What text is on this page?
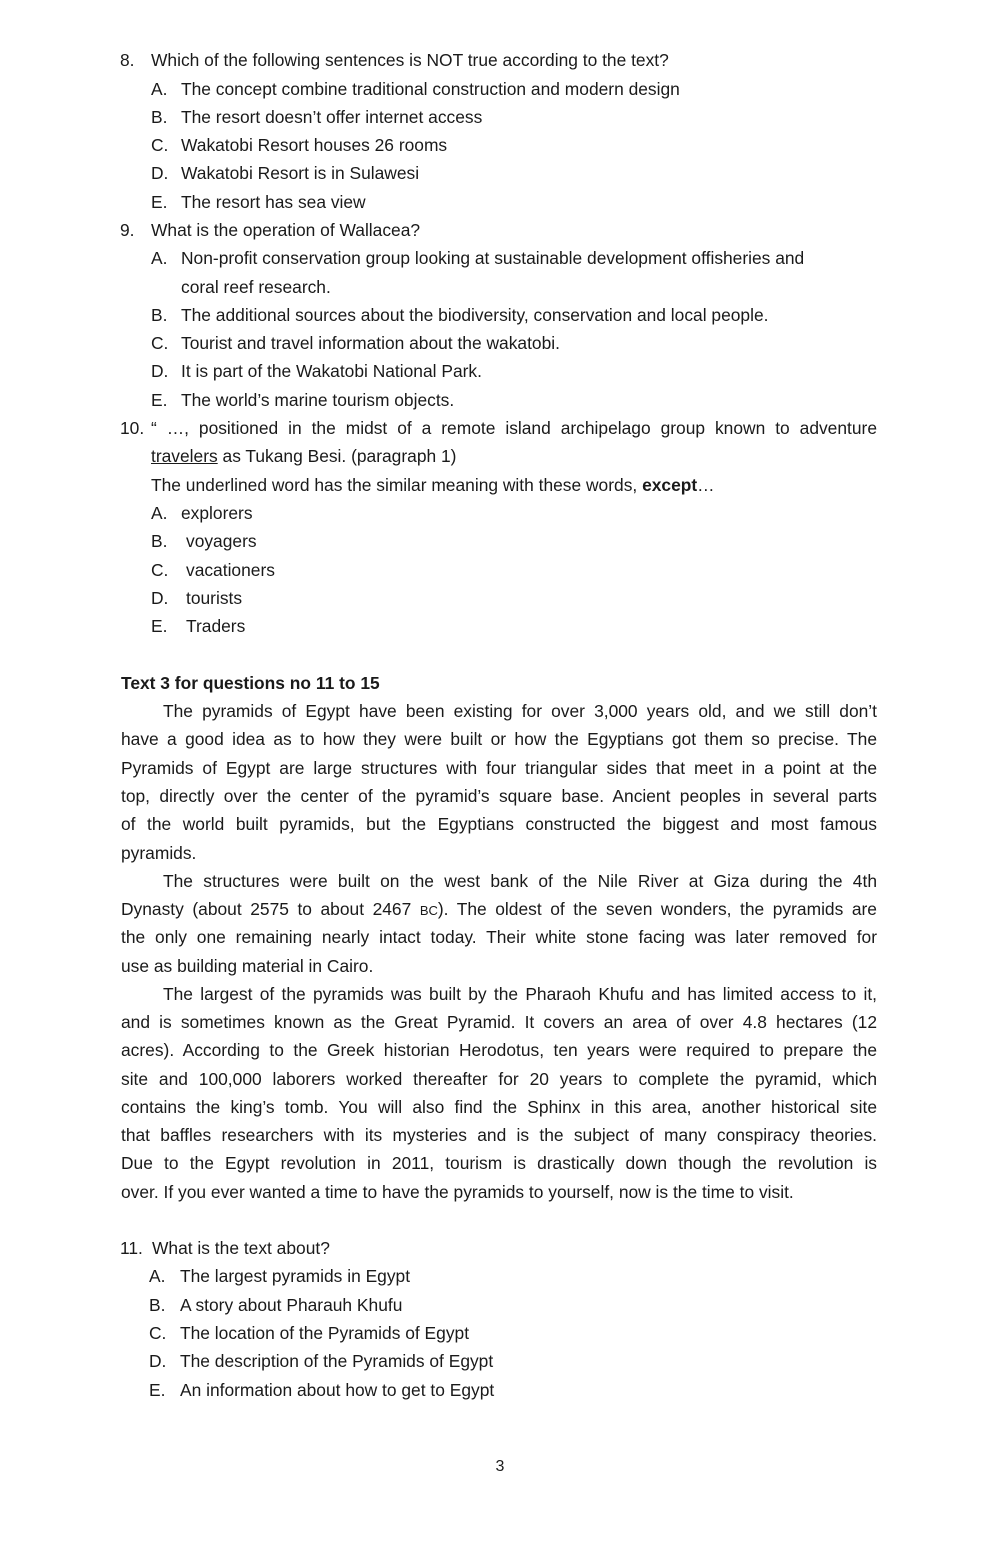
8. Which of the following sentences is NOT true according to the text?
A. The concept combine traditional construction and modern design
B. The resort doesn’t offer internet access
C. Wakatobi Resort houses 26 rooms
D. Wakatobi Resort is in Sulawesi
E. The resort has sea view
9. What is the operation of Wallacea?
A. Non-profit conservation group looking at sustainable development offisheries and
coral reef research.
B. The additional sources about the biodiversity, conservation and local people.
C. Tourist and travel information about the wakatobi.
D. It is part of the Wakatobi National Park.
E. The world’s marine tourism objects.
10. “ …, positioned in the midst of a remote island archipelago group known to adventure
travelers as Tukang Besi. (paragraph 1)
The underlined word has the similar meaning with these words, except…
A. explorers
B. voyagers
C. vacationers
D. tourists
E. Traders
Text 3 for questions no 11 to 15
The pyramids of Egypt have been existing for over 3,000 years old, and we still don’t
have a good idea as to how they were built or how the Egyptians got them so precise. The
Pyramids of Egypt are large structures with four triangular sides that meet in a point at the
top, directly over the center of the pyramid’s square base. Ancient peoples in several parts
of the world built pyramids, but the Egyptians constructed the biggest and most famous
pyramids.
The structures were built on the west bank of the Nile River at Giza during the 4th
Dynasty (about 2575 to about 2467 BC). The oldest of the seven wonders, the pyramids are
the only one remaining nearly intact today. Their white stone facing was later removed for
use as building material in Cairo.
The largest of the pyramids was built by the Pharaoh Khufu and has limited access to it,
and is sometimes known as the Great Pyramid. It covers an area of over 4.8 hectares (12
acres). According to the Greek historian Herodotus, ten years were required to prepare the
site and 100,000 laborers worked thereafter for 20 years to complete the pyramid, which
contains the king’s tomb. You will also find the Sphinx in this area, another historical site
that baffles researchers with its mysteries and is the subject of many conspiracy theories.
Due to the Egypt revolution in 2011, tourism is drastically down though the revolution is
over. If you ever wanted a time to have the pyramids to yourself, now is the time to visit.
11. What is the text about?
A. The largest pyramids in Egypt
B. A story about Pharauh Khufu
C. The location of the Pyramids of Egypt
D. The description of the Pyramids of Egypt
E. An information about how to get to Egypt
3
